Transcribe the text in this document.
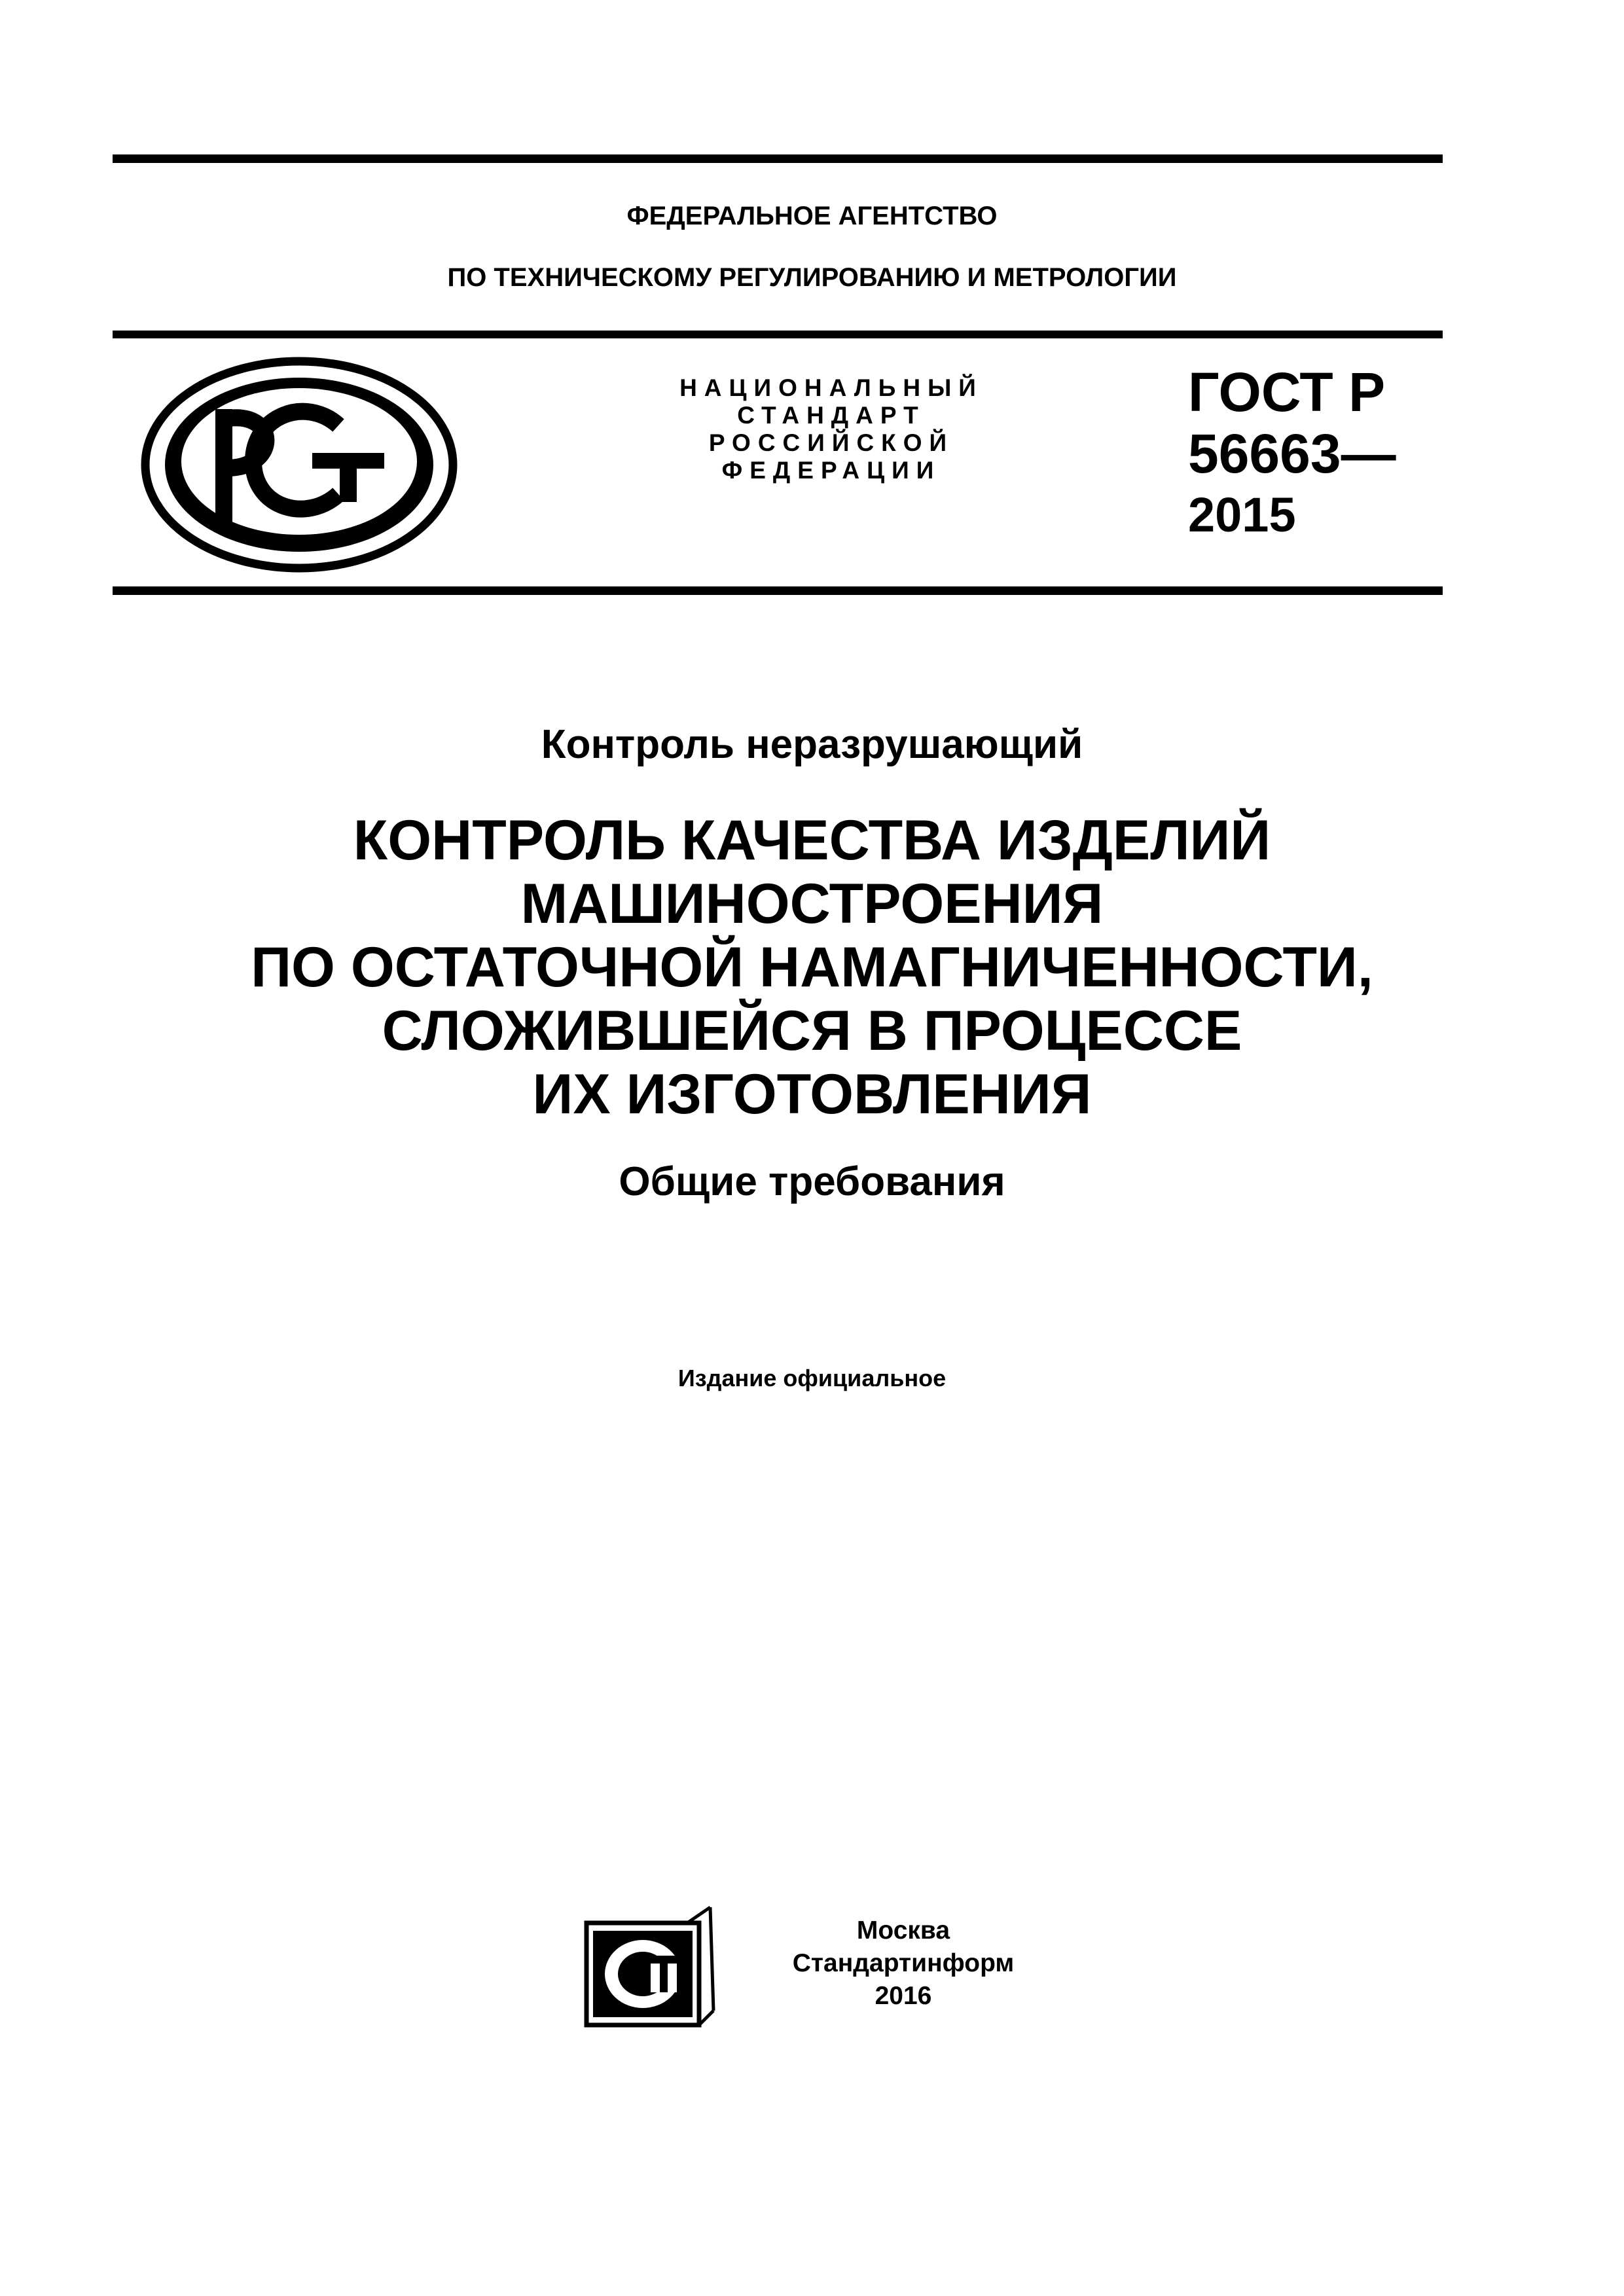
ФЕДЕРАЛЬНОЕ АГЕНТСТВО
ПО ТЕХНИЧЕСКОМУ РЕГУЛИРОВАНИЮ И МЕТРОЛОГИИ
НАЦИОНАЛЬНЫЙ
СТАНДАРТ
РОССИЙСКОЙ
ФЕДЕРАЦИИ
ГОСТ Р
56663—
2015
Контроль неразрушающий
КОНТРОЛЬ КАЧЕСТВА ИЗДЕЛИЙ
МАШИНОСТРОЕНИЯ
ПО ОСТАТОЧНОЙ НАМАГНИЧЕННОСТИ,
СЛОЖИВШЕЙСЯ В ПРОЦЕССЕ
ИХ ИЗГОТОВЛЕНИЯ
Общие требования
Издание официальное
Москва
Стандартинформ
2016
